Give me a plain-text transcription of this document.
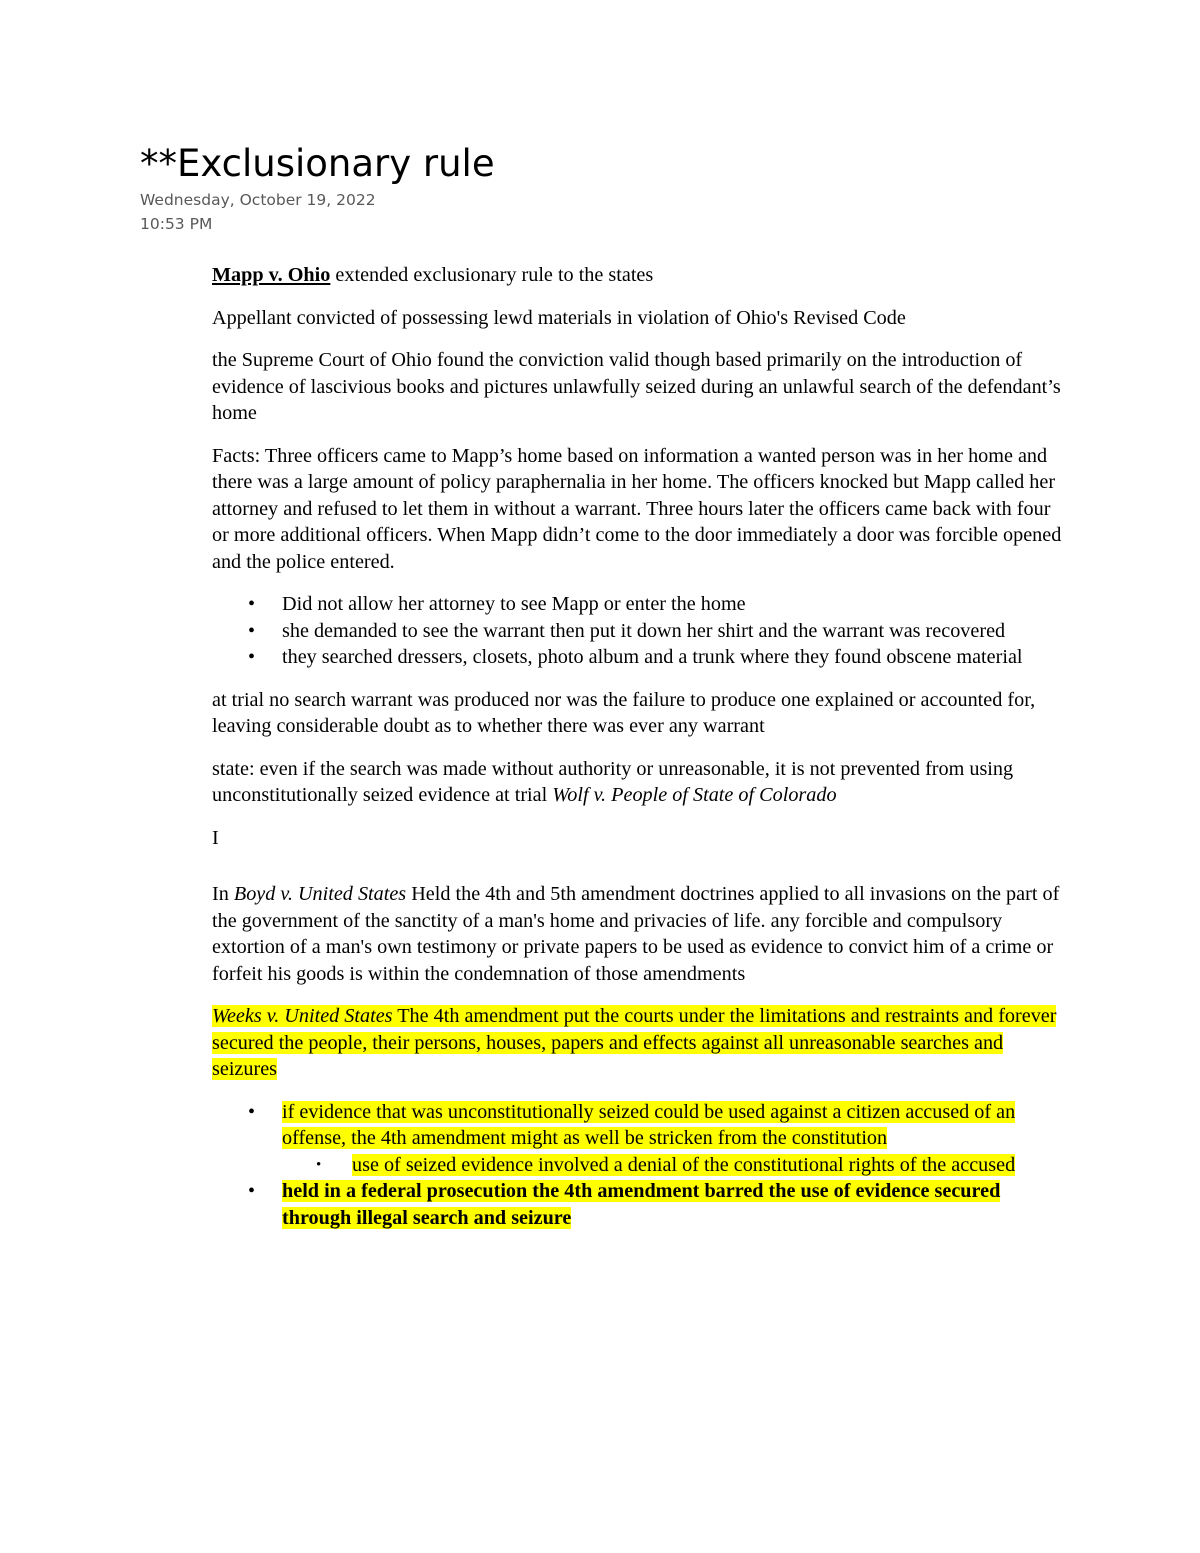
**Exclusionary rule
Wednesday, October 19, 2022
10:53 PM

Mapp v. Ohio extended exclusionary rule to the states

Appellant convicted of possessing lewd materials in violation of Ohio's Revised Code

the Supreme Court of Ohio found the conviction valid though based primarily on the introduction of evidence of lascivious books and pictures unlawfully seized during an unlawful search of the defendant’s home

Facts: Three officers came to Mapp’s home based on information a wanted person was in her home and there was a large amount of policy paraphernalia in her home. The officers knocked but Mapp called her attorney and refused to let them in without a warrant. Three hours later the officers came back with four or more additional officers. When Mapp didn’t come to the door immediately a door was forcible opened and the police entered.

• Did not allow her attorney to see Mapp or enter the home
• she demanded to see the warrant then put it down her shirt and the warrant was recovered
• they searched dressers, closets, photo album and a trunk where they found obscene material

at trial no search warrant was produced nor was the failure to produce one explained or accounted for, leaving considerable doubt as to whether there was ever any warrant

state: even if the search was made without authority or unreasonable, it is not prevented from using unconstitutionally seized evidence at trial Wolf v. People of State of Colorado

I

In Boyd v. United States Held the 4th and 5th amendment doctrines applied to all invasions on the part of the government of the sanctity of a man's home and privacies of life. any forcible and compulsory extortion of a man's own testimony or private papers to be used as evidence to convict him of a crime or forfeit his goods is within the condemnation of those amendments

Weeks v. United States The 4th amendment put the courts under the limitations and restraints and forever secured the people, their persons, houses, papers and effects against all unreasonable searches and seizures

• if evidence that was unconstitutionally seized could be used against a citizen accused of an offense, the 4th amendment might as well be stricken from the constitution
• use of seized evidence involved a denial of the constitutional rights of the accused
• held in a federal prosecution the 4th amendment barred the use of evidence secured through illegal search and seizure
